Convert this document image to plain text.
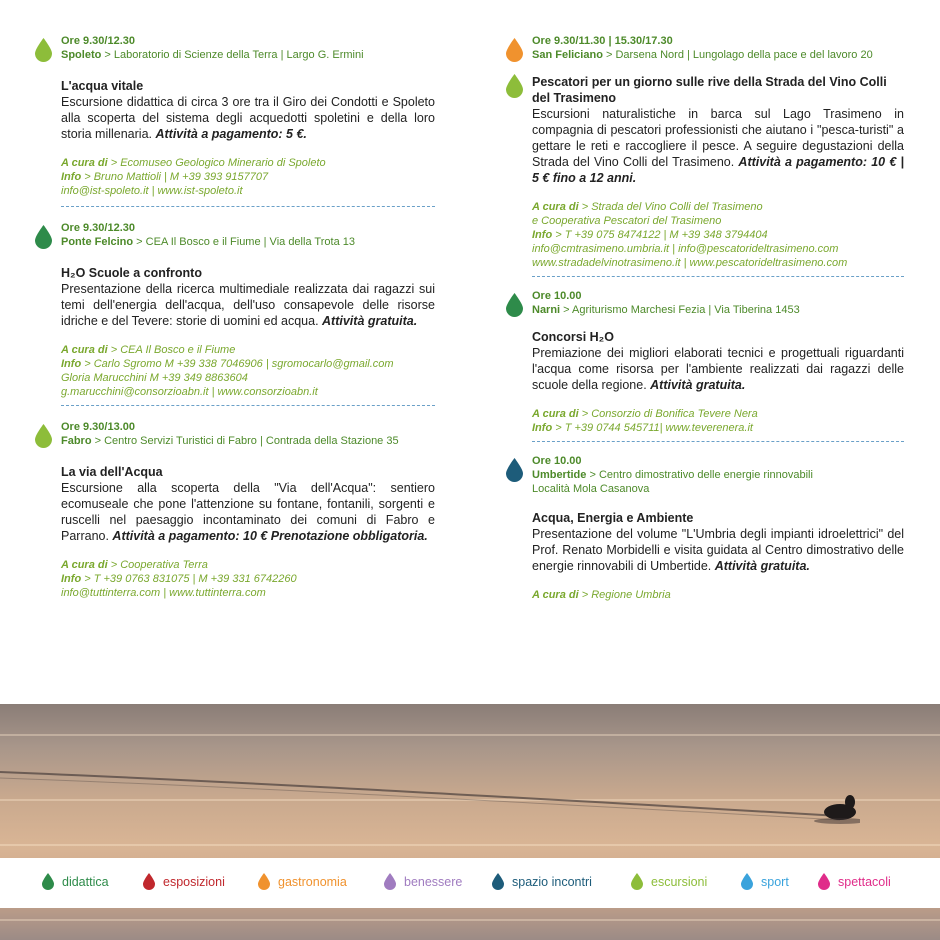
Ore 9.30/12.30
Spoleto > Laboratorio di Scienze della Terra | Largo G. Ermini
L'acqua vitale
Escursione didattica di circa 3 ore tra il Giro dei Condotti e Spoleto alla scoperta del sistema degli acquedotti spoletini e della loro storia millenaria. Attività a pagamento: 5 €.
A cura di > Ecomuseo Geologico Minerario di Spoleto
Info > Bruno Mattioli | M +39 393 9157707
info@ist-spoleto.it | www.ist-spoleto.it
Ore 9.30/12.30
Ponte Felcino > CEA Il Bosco e il Fiume | Via della Trota 13
H₂O Scuole a confronto
Presentazione della ricerca multimediale realizzata dai ragazzi sui temi dell'energia dell'acqua, dell'uso consapevole delle risorse idriche e del Tevere: storie di uomini ed acqua. Attività gratuita.
A cura di > CEA Il Bosco e il Fiume
Info > Carlo Sgromo M +39 338 7046906 | sgromocarlo@gmail.com
Gloria Marucchini M +39 349 8863604
g.marucchini@consorzioabn.it | www.consorzioabn.it
Ore 9.30/13.00
Fabro > Centro Servizi Turistici di Fabro | Contrada della Stazione 35
La via dell'Acqua
Escursione alla scoperta della "Via dell'Acqua": sentiero ecomuseale che pone l'attenzione su fontane, fontanili, sorgenti e ruscelli nel paesaggio incontaminato dei comuni di Fabro e Parrano. Attività a pagamento: 10 € Prenotazione obbligatoria.
A cura di > Cooperativa Terra
Info > T +39 0763 831075 | M +39 331 6742260
info@tuttinterra.com | www.tuttinterra.com
Ore 9.30/11.30 | 15.30/17.30
San Feliciano > Darsena Nord | Lungolago della pace e del lavoro 20
Pescatori per un giorno sulle rive della Strada del Vino Colli del Trasimeno
Escursioni naturalistiche in barca sul Lago Trasimeno in compagnia di pescatori professionisti che aiutano i "pesca-turisti" a gettare le reti e raccogliere il pesce. A seguire degustazioni della Strada del Vino Colli del Trasimeno. Attività a pagamento: 10 € | 5 € fino a 12 anni.
A cura di > Strada del Vino Colli del Trasimeno
e Cooperativa Pescatori del Trasimeno
Info > T +39 075 8474122 | M +39 348 3794404
info@cmtrasimeno.umbria.it | info@pescatorideltrasimeno.com
www.stradadelvinotrasimeno.it | www.pescatorideltrasimeno.com
Ore 10.00
Narni > Agriturismo Marchesi Fezia | Via Tiberina 1453
Concorsi H₂O
Premiazione dei migliori elaborati tecnici e progettuali riguardanti l'acqua come risorsa per l'ambiente realizzati dai ragazzi delle scuole della regione. Attività gratuita.
A cura di > Consorzio di Bonifica Tevere Nera
Info > T +39 0744 545711| www.teverenera.it
Ore 10.00
Umbertide > Centro dimostrativo delle energie rinnovabili
Località Mola Casanova
Acqua, Energia e Ambiente
Presentazione del volume "L'Umbria degli impianti idroelettrici" del Prof. Renato Morbidelli e visita guidata al Centro dimostrativo delle energie rinnovabili di Umbertide. Attività gratuita.
A cura di > Regione Umbria
didattica	esposizioni	gastronomia	benessere	spazio incontri	escursioni	sport	spettacoli
